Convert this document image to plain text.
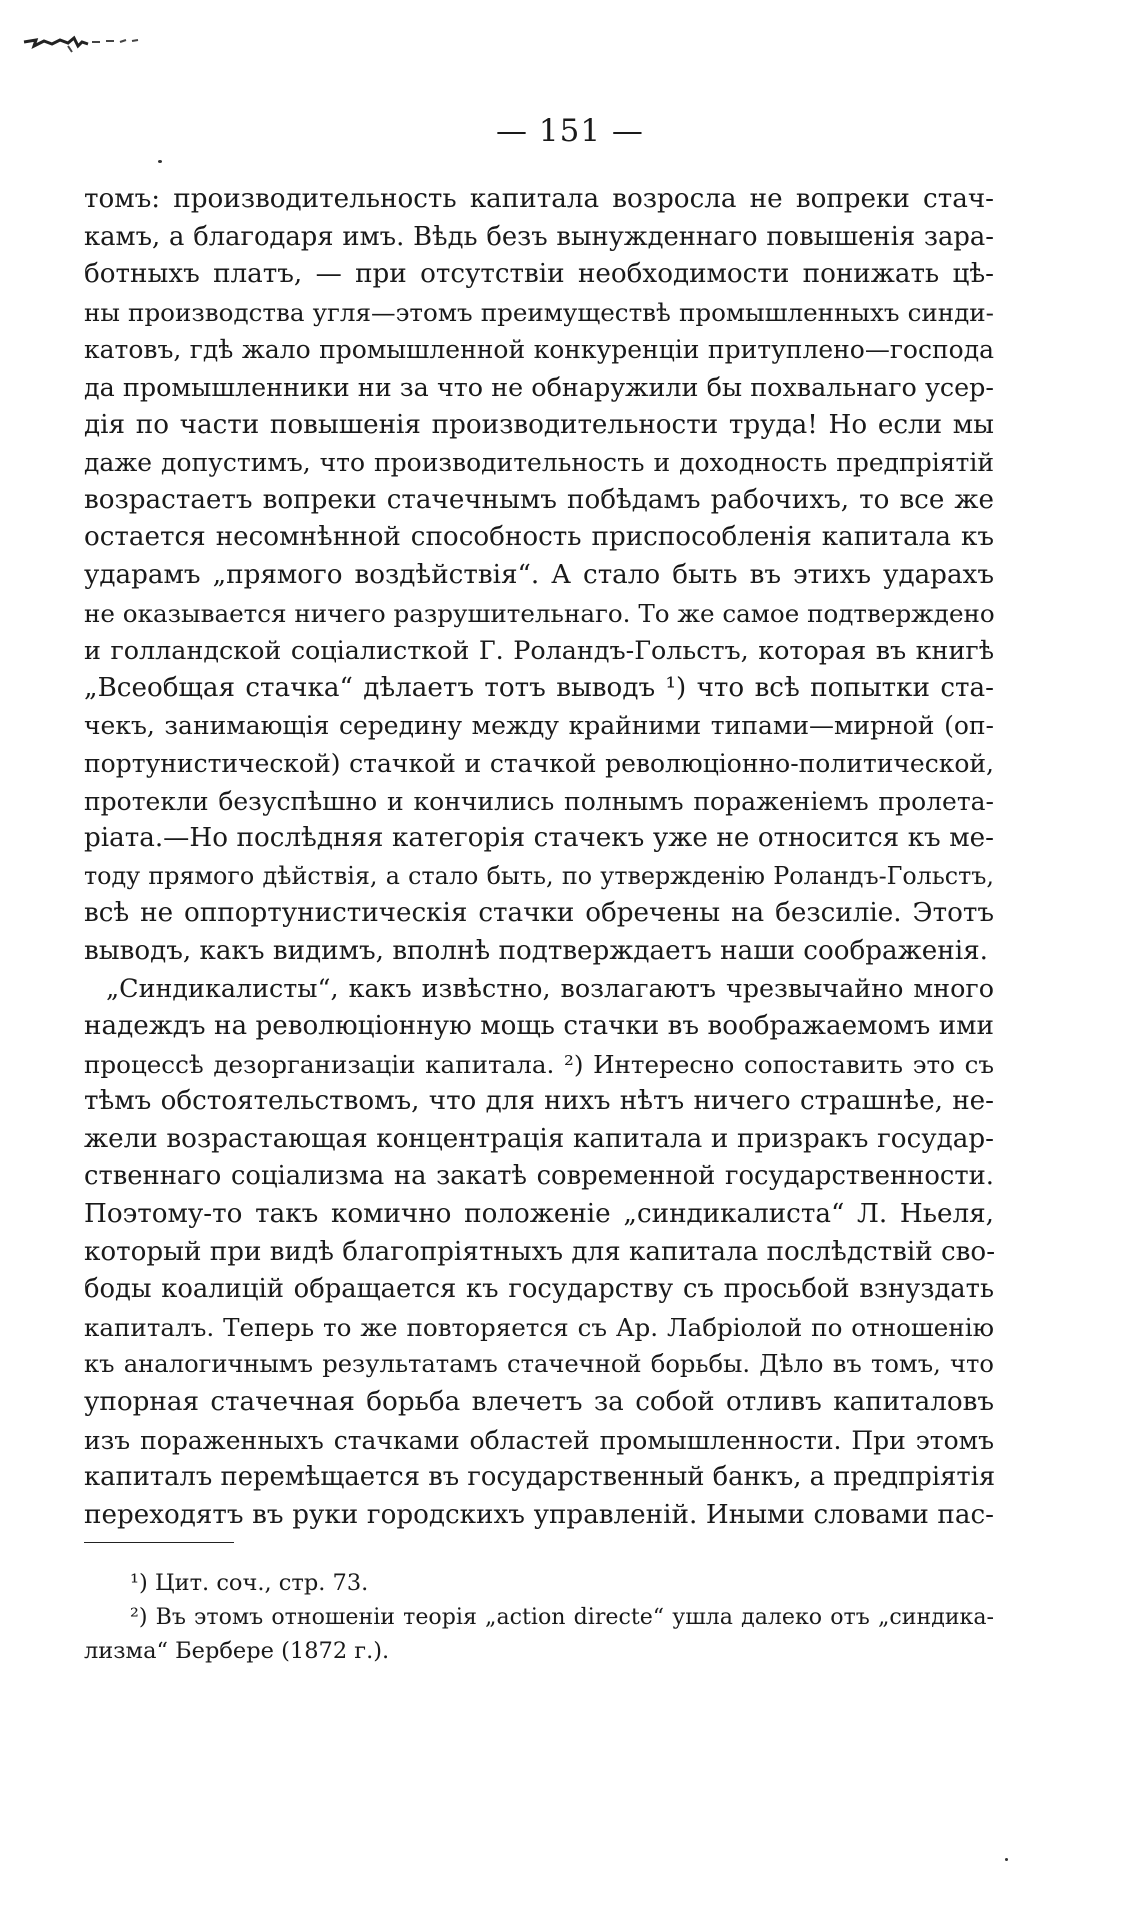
— 151 —
томъ: производительность капитала возросла не вопреки стач-
камъ, а благодаря имъ. Вѣдь безъ вынужденнаго повышенія зара-
ботныхъ платъ, — при отсутствіи необходимости понижать цѣ-
ны производства угля—этомъ преимуществѣ промышленныхъ синди-
катовъ, гдѣ жало промышленной конкуренціи притуплено—господа
да промышленники ни за что не обнаружили бы похвальнаго усер-
дія по части повышенія производительности труда! Но если мы
даже допустимъ, что производительность и доходность предпріятій
возрастаетъ вопреки стачечнымъ побѣдамъ рабочихъ, то все же
остается несомнѣнной способность приспособленія капитала къ
ударамъ „прямого воздѣйствія“. А стало быть въ этихъ ударахъ
не оказывается ничего разрушительнаго. То же самое подтверждено
и голландской соціалисткой Г. Роландъ-Гольстъ, которая въ книгѣ
„Всеобщая стачка“ дѣлаетъ тотъ выводъ ¹) что всѣ попытки ста-
чекъ, занимающія середину между крайними типами—мирной (оп-
портунистической) стачкой и стачкой революціонно-политической,
протекли безуспѣшно и кончились полнымъ пораженіемъ пролета-
ріата.—Но послѣдняя категорія стачекъ уже не относится къ ме-
тоду прямого дѣйствія, а стало быть, по утвержденію Роландъ-Гольстъ,
всѣ не оппортунистическія стачки обречены на безсиліе. Этотъ
выводъ, какъ видимъ, вполнѣ подтверждаетъ наши соображенія.
„Синдикалисты“, какъ извѣстно, возлагаютъ чрезвычайно много
надеждъ на революціонную мощь стачки въ воображаемомъ ими
процессѣ дезорганизаціи капитала. ²) Интересно сопоставить это съ
тѣмъ обстоятельствомъ, что для нихъ нѣтъ ничего страшнѣе, не-
жели возрастающая концентрація капитала и призракъ государ-
ственнаго соціализма на закатѣ современной государственности.
Поэтому-то такъ комично положеніе „синдикалиста“ Л. Ньеля,
который при видѣ благопріятныхъ для капитала послѣдствій сво-
боды коалицій обращается къ государству съ просьбой взнуздать
капиталъ. Теперь то же повторяется съ Ар. Лабріолой по отношенію
къ аналогичнымъ результатамъ стачечной борьбы. Дѣло въ томъ, что
упорная стачечная борьба влечетъ за собой отливъ капиталовъ
изъ пораженныхъ стачками областей промышленности. При этомъ
капиталъ перемѣщается въ государственный банкъ, а предпріятія
переходятъ въ руки городскихъ управленій. Иными словами пас-
¹) Цит. соч., стр. 73.
²) Въ этомъ отношеніи теорія „action directe“ ушла далеко отъ „синдика-
лизма“ Бербере (1872 г.).
